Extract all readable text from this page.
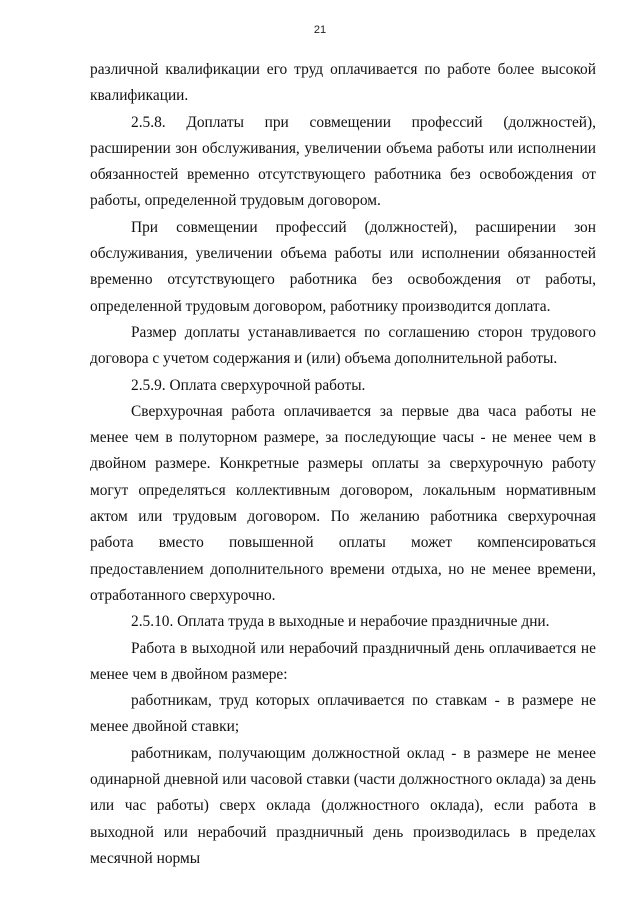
21

различной квалификации его труд оплачивается по работе более высокой квалификации.

2.5.8. Доплаты при совмещении профессий (должностей), расширении зон обслуживания, увеличении объема работы или исполнении обязанностей временно отсутствующего работника без освобождения от работы, определенной трудовым договором.

При совмещении профессий (должностей), расширении зон обслуживания, увеличении объема работы или исполнении обязанностей временно отсутствующего работника без освобождения от работы, определенной трудовым договором, работнику производится доплата.

Размер доплаты устанавливается по соглашению сторон трудового договора с учетом содержания и (или) объема дополнительной работы.

2.5.9. Оплата сверхурочной работы.

Сверхурочная работа оплачивается за первые два часа работы не менее чем в полуторном размере, за последующие часы - не менее чем в двойном размере. Конкретные размеры оплаты за сверхурочную работу могут определяться коллективным договором, локальным нормативным актом или трудовым договором. По желанию работника сверхурочная работа вместо повышенной оплаты может компенсироваться предоставлением дополнительного времени отдыха, но не менее времени, отработанного сверхурочно.

2.5.10. Оплата труда в выходные и нерабочие праздничные дни.

Работа в выходной или нерабочий праздничный день оплачивается не менее чем в двойном размере:

работникам, труд которых оплачивается по ставкам - в размере не менее двойной ставки;

работникам, получающим должностной оклад - в размере не менее одинарной дневной или часовой ставки (части должностного оклада) за день или час работы) сверх оклада (должностного оклада), если работа в выходной или нерабочий праздничный день производилась в пределах месячной нормы
